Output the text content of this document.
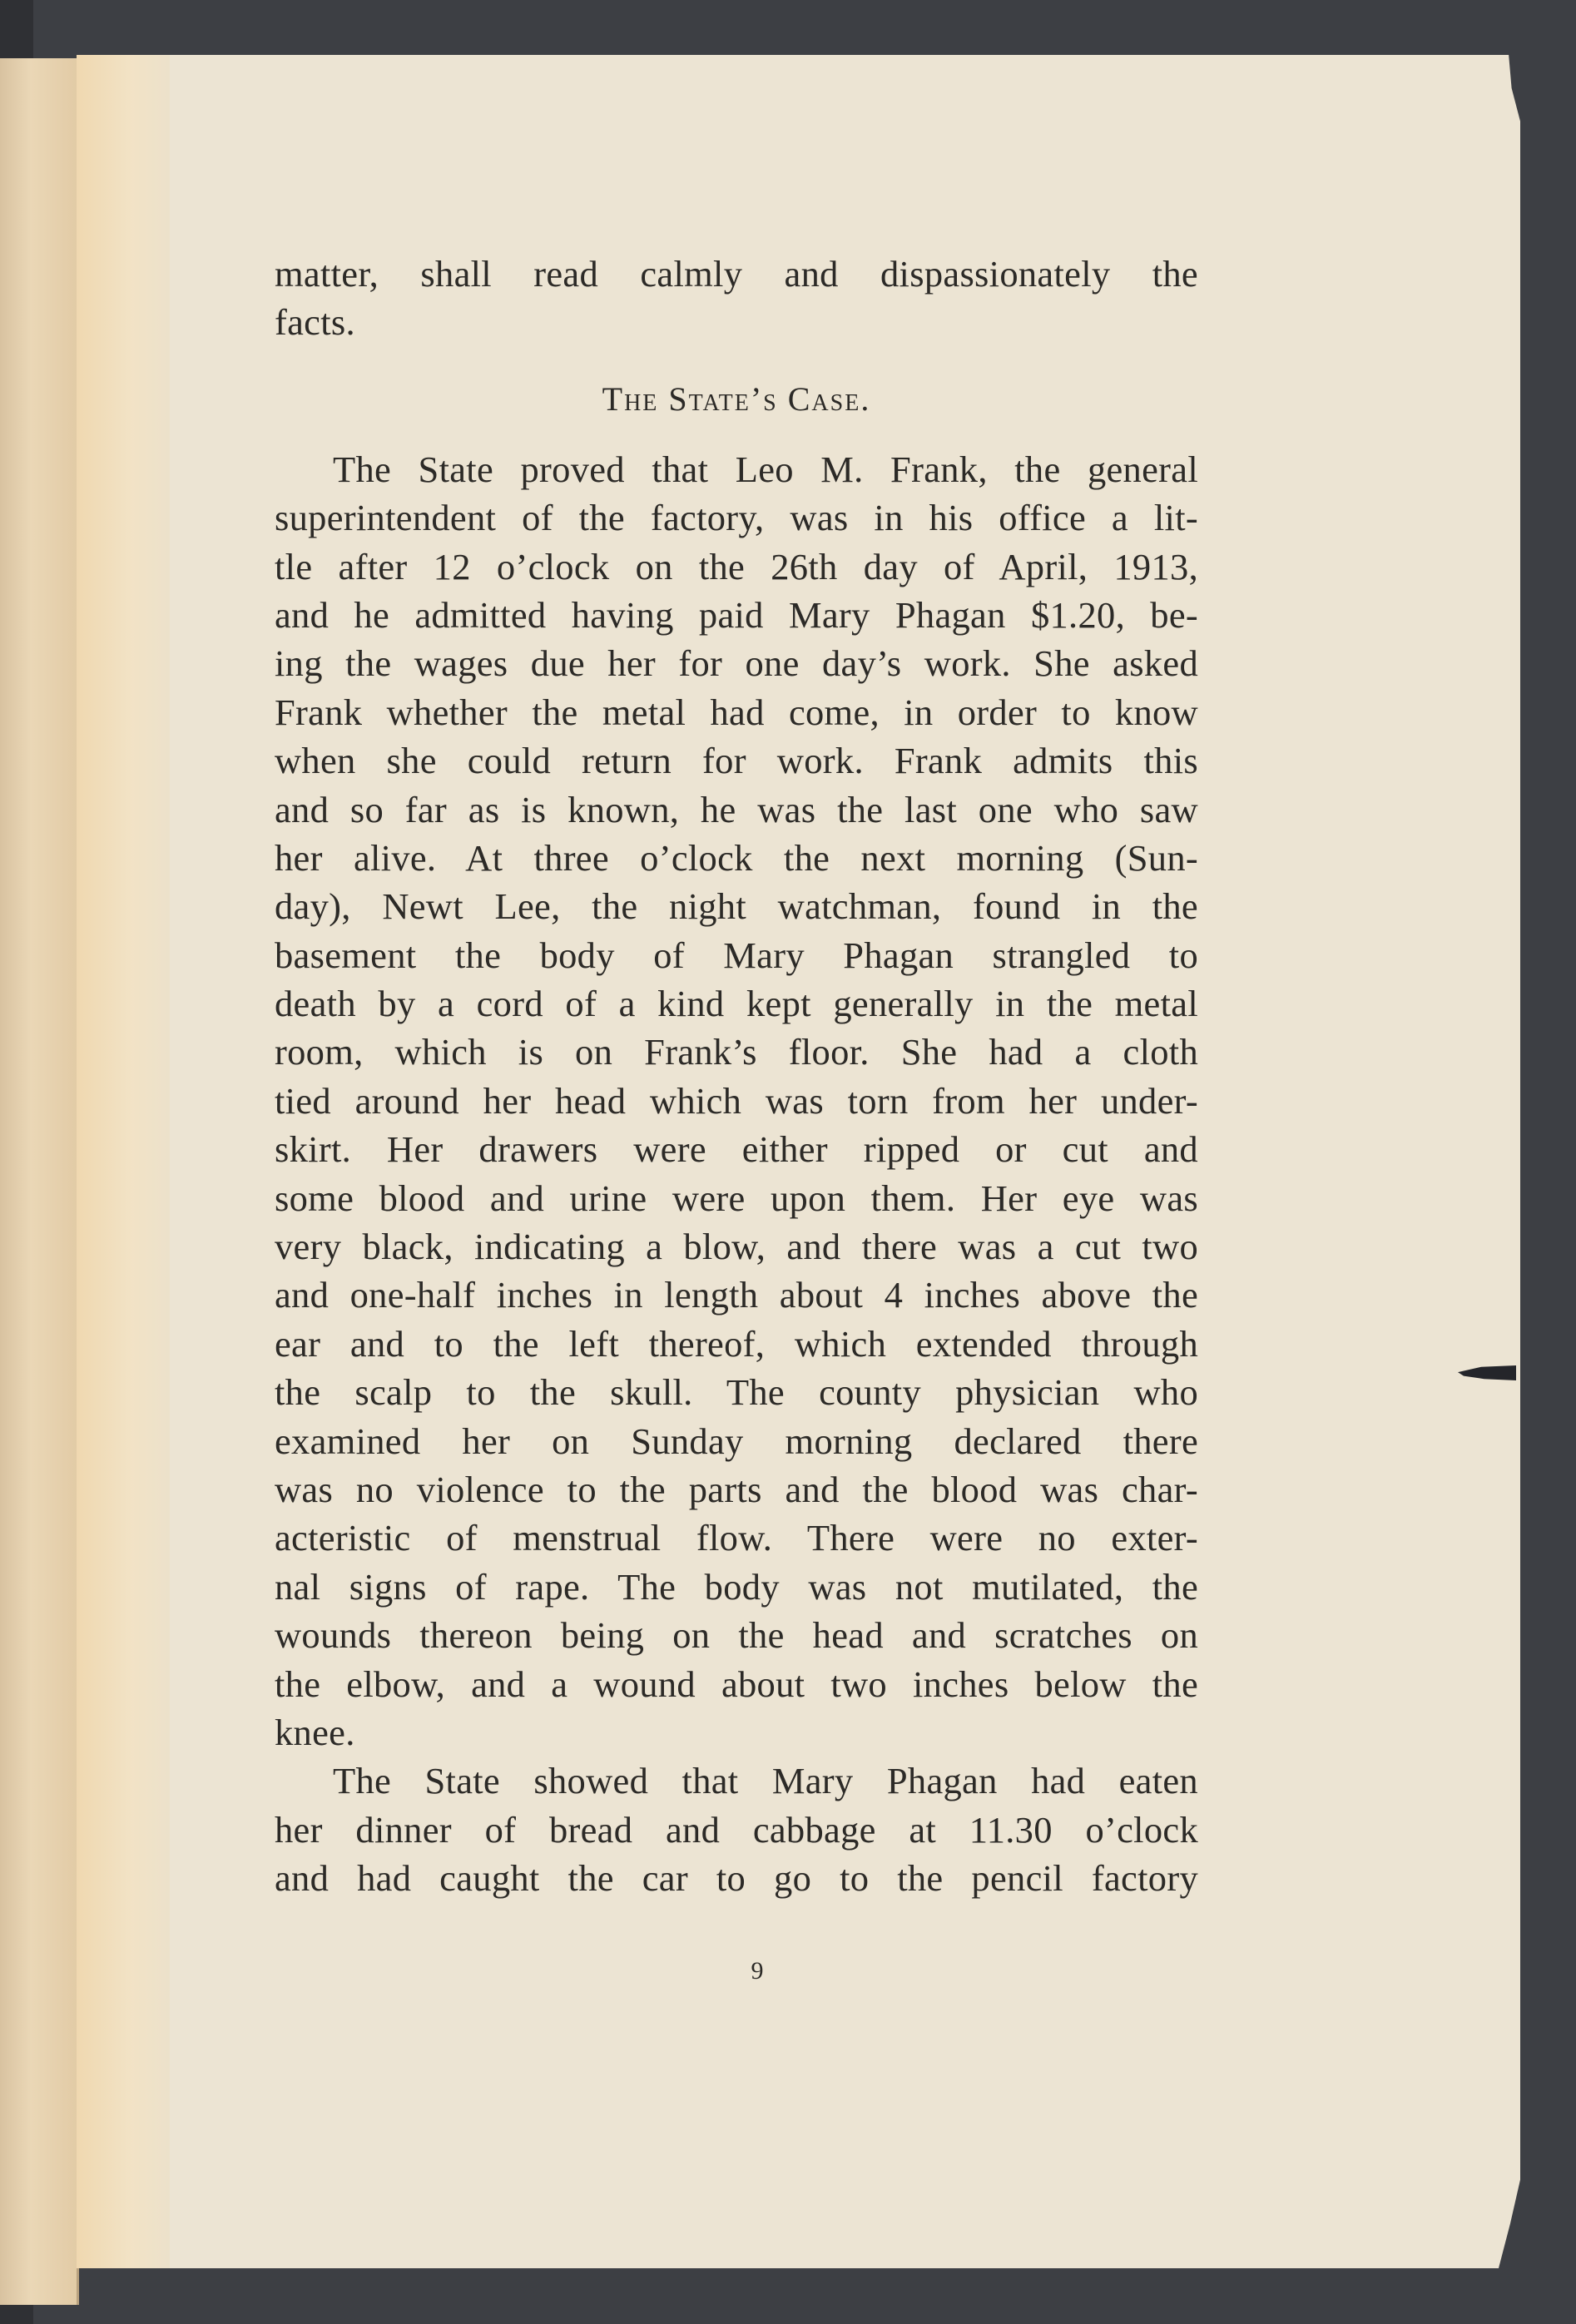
matter, shall read calmly and dispassionately the
facts.
The State’s Case.
The State proved that Leo M. Frank, the general
superintendent of the factory, was in his office a lit-
tle after 12 o’clock on the 26th day of April, 1913,
and he admitted having paid Mary Phagan $1.20, be-
ing the wages due her for one day’s work. She asked
Frank whether the metal had come, in order to know
when she could return for work. Frank admits this
and so far as is known, he was the last one who saw
her alive. At three o’clock the next morning (Sun-
day), Newt Lee, the night watchman, found in the
basement the body of Mary Phagan strangled to
death by a cord of a kind kept generally in the metal
room, which is on Frank’s floor. She had a cloth
tied around her head which was torn from her under-
skirt. Her drawers were either ripped or cut and
some blood and urine were upon them. Her eye was
very black, indicating a blow, and there was a cut two
and one-half inches in length about 4 inches above the
ear and to the left thereof, which extended through
the scalp to the skull. The county physician who
examined her on Sunday morning declared there
was no violence to the parts and the blood was char-
acteristic of menstrual flow. There were no exter-
nal signs of rape. The body was not mutilated, the
wounds thereon being on the head and scratches on
the elbow, and a wound about two inches below the
knee.
The State showed that Mary Phagan had eaten
her dinner of bread and cabbage at 11.30 o’clock
and had caught the car to go to the pencil factory
9
